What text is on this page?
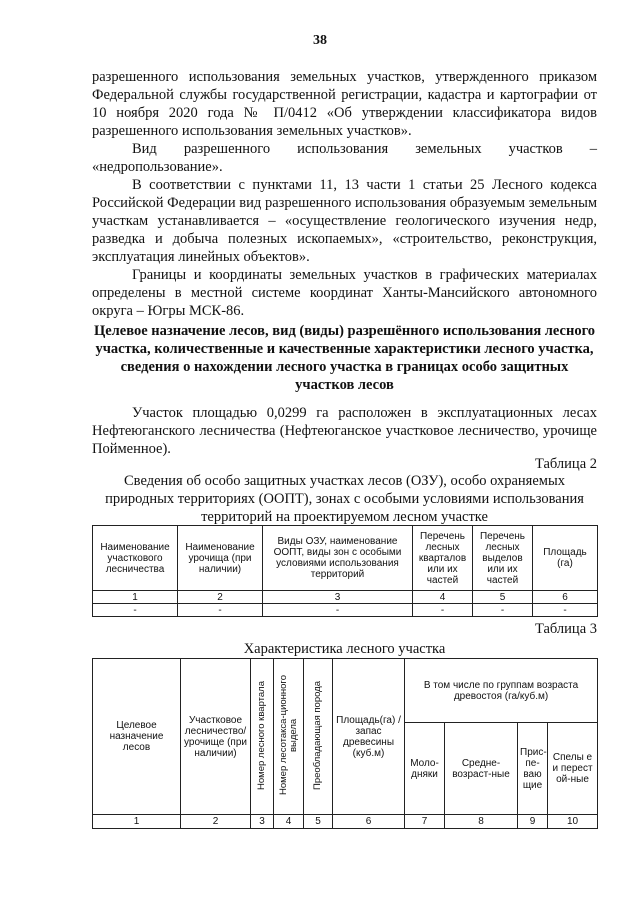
38

разрешенного использования земельных участков, утвержденного приказом Федеральной службы государственной регистрации, кадастра и картографии от 10 ноября 2020 года № П/0412 «Об утверждении классификатора видов разрешенного использования земельных участков».

Вид разрешенного использования земельных участков – «недропользование».

В соответствии с пунктами 11, 13 части 1 статьи 25 Лесного кодекса Российской Федерации вид разрешенного использования образуемым земельным участкам устанавливается – «осуществление геологического изучения недр, разведка и добыча полезных ископаемых», «строительство, реконструкция, эксплуатация линейных объектов».

Границы и координаты земельных участков в графических материалах определены в местной системе координат Ханты-Мансийского автономного округа – Югры МСК-86.

Целевое назначение лесов, вид (виды) разрешённого использования лесного участка, количественные и качественные характеристики лесного участка, сведения о нахождении лесного участка в границах особо защитных участков лесов

Участок площадью 0,0299 га расположен в эксплуатационных лесах Нефтеюганского лесничества (Нефтеюганское участковое лесничество, урочище Пойменное).

Таблица 2

Сведения об особо защитных участках лесов (ОЗУ), особо охраняемых природных территориях (ООПТ), зонах с особыми условиями использования территорий на проектируемом лесном участке

Наименование участкового лесничества	Наименование урочища (при наличии)	Виды ОЗУ, наименование ООПТ, виды зон с особыми условиями использования территорий	Перечень лесных кварталов или их частей	Перечень лесных выделов или их частей	Площадь (га)
1	2	3	4	5	6
-	-	-	-	-	-
Таблица 3

Характеристика лесного участка

Целевое назначение лесов	Участковое лесничество/ урочище (при наличии)	Номер лесного квартала	Номер лесотакса-ционного выдела	Преобладающая порода	Площадь(га) / запас древесины (куб.м)	В том числе по группам возраста древостоя (га/куб.м)			
						Моло-дняки	Средне-возраст-ные	Прис-пе-ваю щие	Спелы е и перест ой-ные
1	2	3	4	5	6	7	8	9	10
